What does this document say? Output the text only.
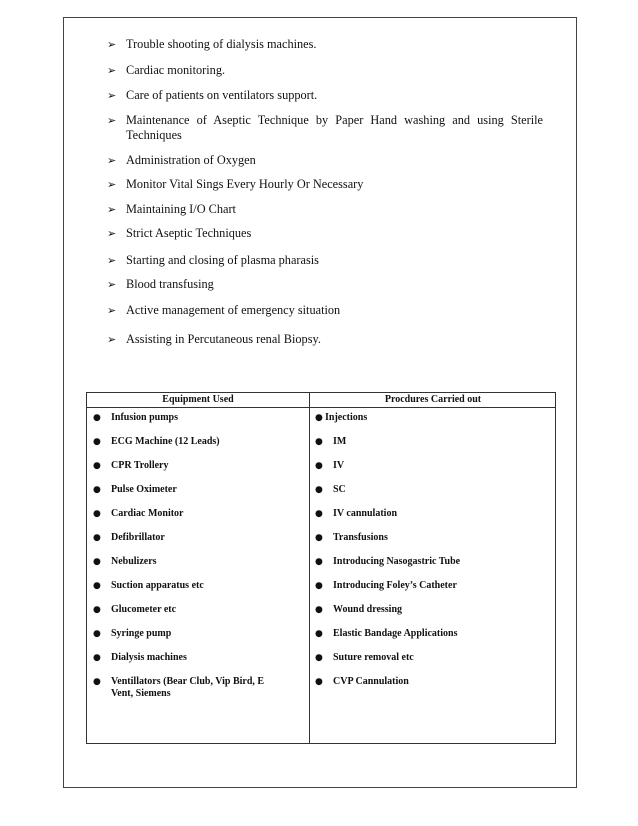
➢ Trouble shooting of dialysis machines.
➢ Cardiac monitoring.
➢ Care of patients on ventilators support.
➢ Maintenance of Aseptic Technique by Paper Hand washing and using Sterile Techniques
➢ Administration of Oxygen
➢ Monitor Vital Sings Every Hourly Or Necessary
➢ Maintaining I/O Chart
➢ Strict Aseptic Techniques
➢ Starting and closing of plasma pharasis
➢ Blood transfusing
➢ Active management of emergency situation
➢ Assisting in Percutaneous renal Biopsy.
Equipment Used	Procdures Carried out
● Infusion pumps
● ECG Machine (12 Leads)
● CPR Trollery
● Pulse Oximeter
● Cardiac Monitor
● Defibrillator
● Nebulizers
● Suction apparatus etc
● Glucometer etc
● Syringe pump
● Dialysis machines
● Ventillators (Bear Club, Vip Bird, E Vent, Siemens
● Injections
● IM
● IV
● SC
● IV cannulation
● Transfusions
● Introducing Nasogastric Tube
● Introducing Foley’s Catheter
● Wound dressing
● Elastic Bandage Applications
● Suture removal etc
● CVP Cannulation
